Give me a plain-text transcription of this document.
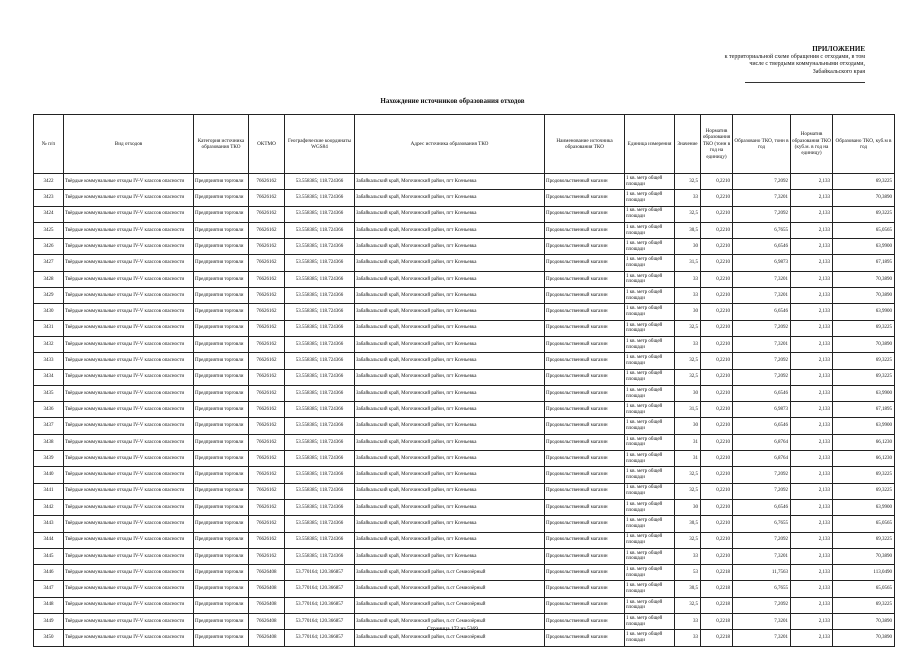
ПРИЛОЖЕНИЕ
к территориальной схеме обращения с отходами, в том
числе с твердыми коммунальными отходами,
Забайкальского края
Нахождение источников образования отходов
№ п/п	Вид отходов	Категория источника образования ТКО	ОКТМО	Географические координаты WGS84	Адрес источника образования ТКО	Наименование источника образования ТКО	Единица измерения	Значение	Норматив образования ТКО (тонн в год на единицу)	Образовано ТКО, тонн в год	Норматив образования ТКО (куб.м. в год на единицу)	Образовано ТКО, куб.м в год
3422	Твёрдые коммунальные отходы IV-V классов опасности	Предприятия торговли	76626162	53.558385; 118.724366	Забайкальский край, Могочинский район, пгт Ксеньевка	Продовольственный магазин	1 кв. метр общей площади	32,5	0,2210	7,2092	2,133	69,3225
3423	Твёрдые коммунальные отходы IV-V классов опасности	Предприятия торговли	76626162	53.558385; 118.724366	Забайкальский край, Могочинский район, пгт Ксеньевка	Продовольственный магазин	1 кв. метр общей площади	33	0,2210	7,3201	2,133	70,3890
3424	Твёрдые коммунальные отходы IV-V классов опасности	Предприятия торговли	76626162	53.558385; 118.724366	Забайкальский край, Могочинский район, пгт Ксеньевка	Продовольственный магазин	1 кв. метр общей площади	32,5	0,2210	7,2092	2,133	69,3225
3425	Твёрдые коммунальные отходы IV-V классов опасности	Предприятия торговли	76626162	53.558385; 118.724366	Забайкальский край, Могочинский район, пгт Ксеньевка	Продовольственный магазин	1 кв. метр общей площади	30,5	0,2210	6,7655	2,133	65,0565
3426	Твёрдые коммунальные отходы IV-V классов опасности	Предприятия торговли	76626162	53.558385; 118.724366	Забайкальский край, Могочинский район, пгт Ксеньевка	Продовольственный магазин	1 кв. метр общей площади	30	0,2210	6,6546	2,133	63,9900
3427	Твёрдые коммунальные отходы IV-V классов опасности	Предприятия торговли	76626162	53.558385; 118.724366	Забайкальский край, Могочинский район, пгт Ксеньевка	Продовольственный магазин	1 кв. метр общей площади	31,5	0,2210	6,9873	2,133	67,1895
3428	Твёрдые коммунальные отходы IV-V классов опасности	Предприятия торговли	76626162	53.558385; 118.724366	Забайкальский край, Могочинский район, пгт Ксеньевка	Продовольственный магазин	1 кв. метр общей площади	33	0,2210	7,3201	2,133	70,3890
3429	Твёрдые коммунальные отходы IV-V классов опасности	Предприятия торговли	76626162	53.558385; 118.724366	Забайкальский край, Могочинский район, пгт Ксеньевка	Продовольственный магазин	1 кв. метр общей площади	33	0,2210	7,3201	2,133	70,3890
3430	Твёрдые коммунальные отходы IV-V классов опасности	Предприятия торговли	76626162	53.558385; 118.724366	Забайкальский край, Могочинский район, пгт Ксеньевка	Продовольственный магазин	1 кв. метр общей площади	30	0,2210	6,6546	2,133	63,9900
3431	Твёрдые коммунальные отходы IV-V классов опасности	Предприятия торговли	76626162	53.558385; 118.724366	Забайкальский край, Могочинский район, пгт Ксеньевка	Продовольственный магазин	1 кв. метр общей площади	32,5	0,2210	7,2092	2,133	69,3225
3432	Твёрдые коммунальные отходы IV-V классов опасности	Предприятия торговли	76626162	53.558385; 118.724366	Забайкальский край, Могочинский район, пгт Ксеньевка	Продовольственный магазин	1 кв. метр общей площади	33	0,2210	7,3201	2,133	70,3890
3433	Твёрдые коммунальные отходы IV-V классов опасности	Предприятия торговли	76626162	53.558385; 118.724366	Забайкальский край, Могочинский район, пгт Ксеньевка	Продовольственный магазин	1 кв. метр общей площади	32,5	0,2210	7,2092	2,133	69,3225
3434	Твёрдые коммунальные отходы IV-V классов опасности	Предприятия торговли	76626162	53.558385; 118.724366	Забайкальский край, Могочинский район, пгт Ксеньевка	Продовольственный магазин	1 кв. метр общей площади	32,5	0,2210	7,2092	2,133	69,3225
3435	Твёрдые коммунальные отходы IV-V классов опасности	Предприятия торговли	76626162	53.558385; 118.724366	Забайкальский край, Могочинский район, пгт Ксеньевка	Продовольственный магазин	1 кв. метр общей площади	30	0,2210	6,6546	2,133	63,9900
3436	Твёрдые коммунальные отходы IV-V классов опасности	Предприятия торговли	76626162	53.558385; 118.724366	Забайкальский край, Могочинский район, пгт Ксеньевка	Продовольственный магазин	1 кв. метр общей площади	31,5	0,2210	6,9873	2,133	67,1895
3437	Твёрдые коммунальные отходы IV-V классов опасности	Предприятия торговли	76626162	53.558385; 118.724366	Забайкальский край, Могочинский район, пгт Ксеньевка	Продовольственный магазин	1 кв. метр общей площади	30	0,2210	6,6546	2,133	63,9900
3438	Твёрдые коммунальные отходы IV-V классов опасности	Предприятия торговли	76626162	53.558385; 118.724366	Забайкальский край, Могочинский район, пгт Ксеньевка	Продовольственный магазин	1 кв. метр общей площади	31	0,2210	6,8764	2,133	66,1230
3439	Твёрдые коммунальные отходы IV-V классов опасности	Предприятия торговли	76626162	53.558385; 118.724366	Забайкальский край, Могочинский район, пгт Ксеньевка	Продовольственный магазин	1 кв. метр общей площади	31	0,2210	6,8764	2,133	66,1230
3440	Твёрдые коммунальные отходы IV-V классов опасности	Предприятия торговли	76626162	53.558385; 118.724366	Забайкальский край, Могочинский район, пгт Ксеньевка	Продовольственный магазин	1 кв. метр общей площади	32,5	0,2210	7,2092	2,133	69,3225
3441	Твёрдые коммунальные отходы IV-V классов опасности	Предприятия торговли	76626162	53.558385; 118.724366	Забайкальский край, Могочинский район, пгт Ксеньевка	Продовольственный магазин	1 кв. метр общей площади	32,5	0,2210	7,2092	2,133	69,3225
3442	Твёрдые коммунальные отходы IV-V классов опасности	Предприятия торговли	76626162	53.558385; 118.724366	Забайкальский край, Могочинский район, пгт Ксеньевка	Продовольственный магазин	1 кв. метр общей площади	30	0,2210	6,6546	2,133	63,9900
3443	Твёрдые коммунальные отходы IV-V классов опасности	Предприятия торговли	76626162	53.558385; 118.724366	Забайкальский край, Могочинский район, пгт Ксеньевка	Продовольственный магазин	1 кв. метр общей площади	30,5	0,2210	6,7655	2,133	65,0565
3444	Твёрдые коммунальные отходы IV-V классов опасности	Предприятия торговли	76626162	53.558385; 118.724366	Забайкальский край, Могочинский район, пгт Ксеньевка	Продовольственный магазин	1 кв. метр общей площади	32,5	0,2210	7,2092	2,133	69,3225
3445	Твёрдые коммунальные отходы IV-V классов опасности	Предприятия торговли	76626162	53.558385; 118.724366	Забайкальский край, Могочинский район, пгт Ксеньевка	Продовольственный магазин	1 кв. метр общей площади	33	0,2210	7,3201	2,133	70,3890
3446	Твёрдые коммунальные отходы IV-V классов опасности	Предприятия торговли	76626408	53.770164; 120.366857	Забайкальский край, Могочинский район, п.ст Семиозёрный	Продовольственный магазин	1 кв. метр общей площади	53	0,2218	11,7563	2,133	113,0490
3447	Твёрдые коммунальные отходы IV-V классов опасности	Предприятия торговли	76626408	53.770164; 120.366857	Забайкальский край, Могочинский район, п.ст Семиозёрный	Продовольственный магазин	1 кв. метр общей площади	30,5	0,2218	6,7655	2,133	65,0565
3448	Твёрдые коммунальные отходы IV-V классов опасности	Предприятия торговли	76626408	53.770164; 120.366857	Забайкальский край, Могочинский район, п.ст Семиозёрный	Продовольственный магазин	1 кв. метр общей площади	32,5	0,2218	7,2092	2,133	69,3225
3449	Твёрдые коммунальные отходы IV-V классов опасности	Предприятия торговли	76626408	53.770164; 120.366857	Забайкальский край, Могочинский район, п.ст Семиозёрный	Продовольственный магазин	1 кв. метр общей площади	33	0,2218	7,3201	2,133	70,3890
3450	Твёрдые коммунальные отходы IV-V классов опасности	Предприятия торговли	76626408	53.770164; 120.366857	Забайкальский край, Могочинский район, п.ст Семиозёрный	Продовольственный магазин	1 кв. метр общей площади	33	0,2218	7,3201	2,133	70,3890
Страница 172 из 5369
